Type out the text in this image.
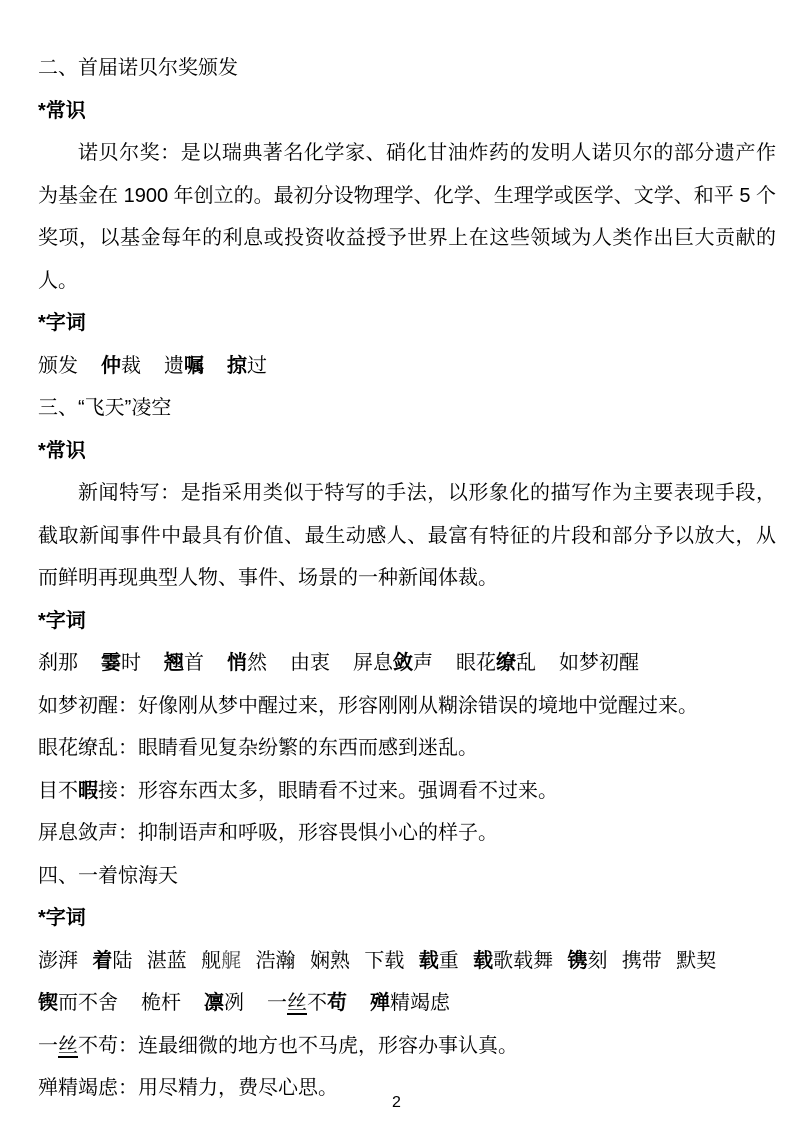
二、首届诺贝尔奖颁发
*常识
诺贝尔奖：是以瑞典著名化学家、硝化甘油炸药的发明人诺贝尔的部分遗产作为基金在 1900 年创立的。最初分设物理学、化学、生理学或医学、文学、和平 5 个奖项，以基金每年的利息或投资收益授予世界上在这些领域为人类作出巨大贡献的人。
*字词
颁发 仲裁 遗嘱 掠过
三、“飞天”凌空
*常识
新闻特写：是指采用类似于特写的手法，以形象化的描写作为主要表现手段，截取新闻事件中最具有价值、最生动感人、最富有特征的片段和部分予以放大，从而鲜明再现典型人物、事件、场景的一种新闻体裁。
*字词
刹那 霎时 翘首 悄然 由衷 屏息敛声 眼花缭乱 如梦初醒
如梦初醒：好像刚从梦中醒过来，形容刚刚从糊涂错误的境地中觉醒过来。
眼花缭乱：眼睛看见复杂纷繁的东西而感到迷乱。
目不暇接：形容东西太多，眼睛看不过来。强调看不过来。
屏息敛声：抑制语声和呼吸，形容畏惧小心的样子。
四、一着惊海天
*字词
澎湃 着陆 湛蓝 舰艉 浩瀚 娴熟 下载 载重 载歌载舞 镌刻 携带 默契
锲而不舍 桅杆 凛冽 一丝不苟 殚精竭虑
一丝不苟：连最细微的地方也不马虎，形容办事认真。
殚精竭虑：用尽精力，费尽心思。
2
